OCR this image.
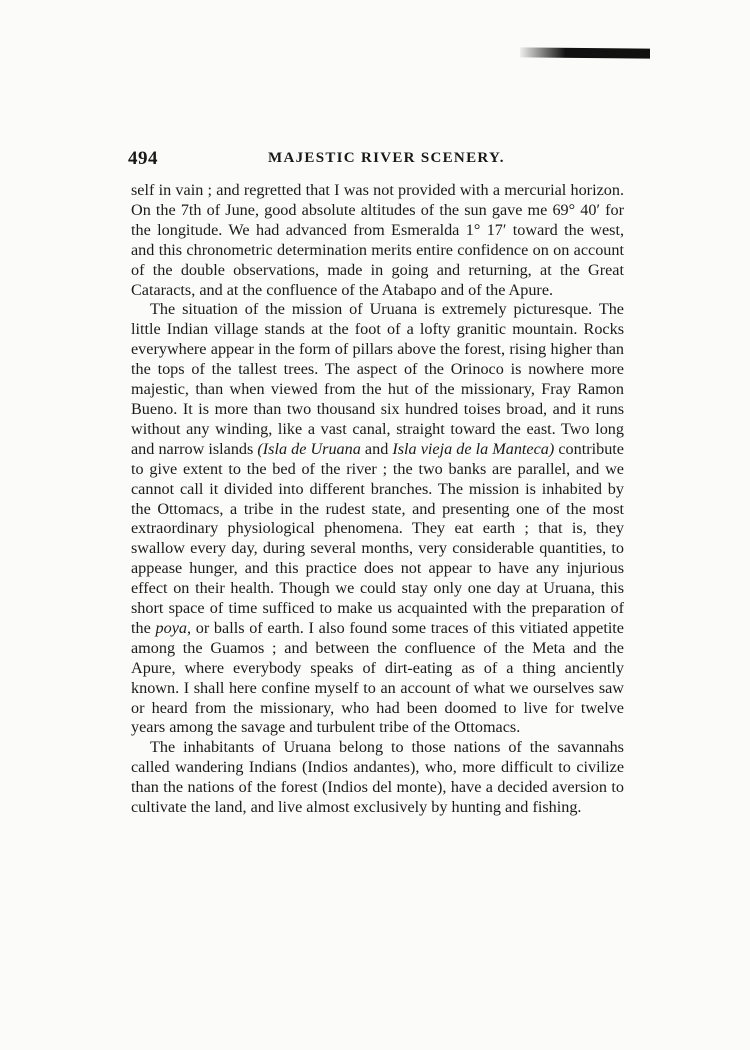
494	MAJESTIC RIVER SCENERY.

self in vain ; and regretted that I was not provided with a mercurial horizon. On the 7th of June, good absolute altitudes of the sun gave me 69° 40′ for the longitude. We had advanced from Esmeralda 1° 17′ toward the west, and this chronometric determination merits entire confidence on on account of the double observations, made in going and returning, at the Great Cataracts, and at the confluence of the Atabapo and of the Apure.

The situation of the mission of Uruana is extremely picturesque. The little Indian village stands at the foot of a lofty granitic mountain. Rocks everywhere appear in the form of pillars above the forest, rising higher than the tops of the tallest trees. The aspect of the Orinoco is nowhere more majestic, than when viewed from the hut of the missionary, Fray Ramon Bueno. It is more than two thousand six hundred toises broad, and it runs without any winding, like a vast canal, straight toward the east. Two long and narrow islands (Isla de Uruana and Isla vieja de la Manteca) contribute to give extent to the bed of the river ; the two banks are parallel, and we cannot call it divided into different branches. The mission is inhabited by the Ottomacs, a tribe in the rudest state, and presenting one of the most extraordinary physiological phenomena. They eat earth ; that is, they swallow every day, during several months, very considerable quantities, to appease hunger, and this practice does not appear to have any injurious effect on their health. Though we could stay only one day at Uruana, this short space of time sufficed to make us acquainted with the preparation of the poya, or balls of earth. I also found some traces of this vitiated appetite among the Guamos ; and between the confluence of the Meta and the Apure, where everybody speaks of dirt-eating as of a thing anciently known. I shall here confine myself to an account of what we ourselves saw or heard from the missionary, who had been doomed to live for twelve years among the savage and turbulent tribe of the Ottomacs.

The inhabitants of Uruana belong to those nations of the savannahs called wandering Indians (Indios andantes), who, more difficult to civilize than the nations of the forest (Indios del monte), have a decided aversion to cultivate the land, and live almost exclusively by hunting and fishing.
